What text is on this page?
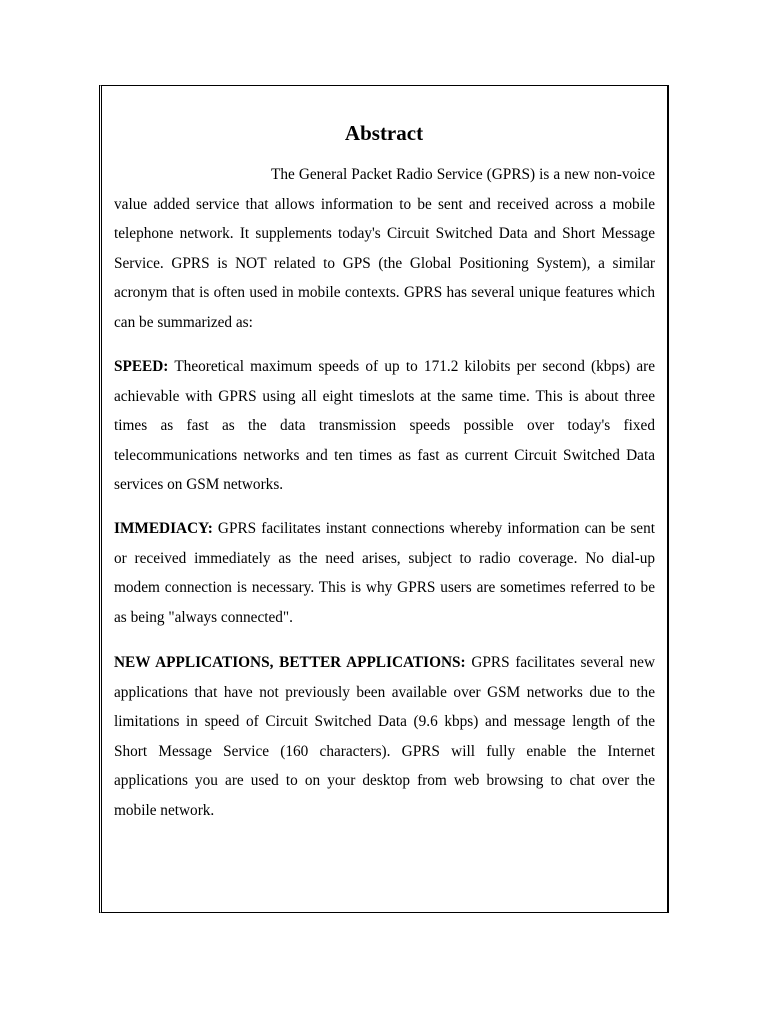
Abstract

The General Packet Radio Service (GPRS) is a new non-voice value added service that allows information to be sent and received across a mobile telephone network. It supplements today's Circuit Switched Data and Short Message Service. GPRS is NOT related to GPS (the Global Positioning System), a similar acronym that is often used in mobile contexts. GPRS has several unique features which can be summarized as:

SPEED: Theoretical maximum speeds of up to 171.2 kilobits per second (kbps) are achievable with GPRS using all eight timeslots at the same time. This is about three times as fast as the data transmission speeds possible over today's fixed telecommunications networks and ten times as fast as current Circuit Switched Data services on GSM networks.

IMMEDIACY: GPRS facilitates instant connections whereby information can be sent or received immediately as the need arises, subject to radio coverage. No dial-up modem connection is necessary. This is why GPRS users are sometimes referred to be as being "always connected".

NEW APPLICATIONS, BETTER APPLICATIONS: GPRS facilitates several new applications that have not previously been available over GSM networks due to the limitations in speed of Circuit Switched Data (9.6 kbps) and message length of the Short Message Service (160 characters). GPRS will fully enable the Internet applications you are used to on your desktop from web browsing to chat over the mobile network.
